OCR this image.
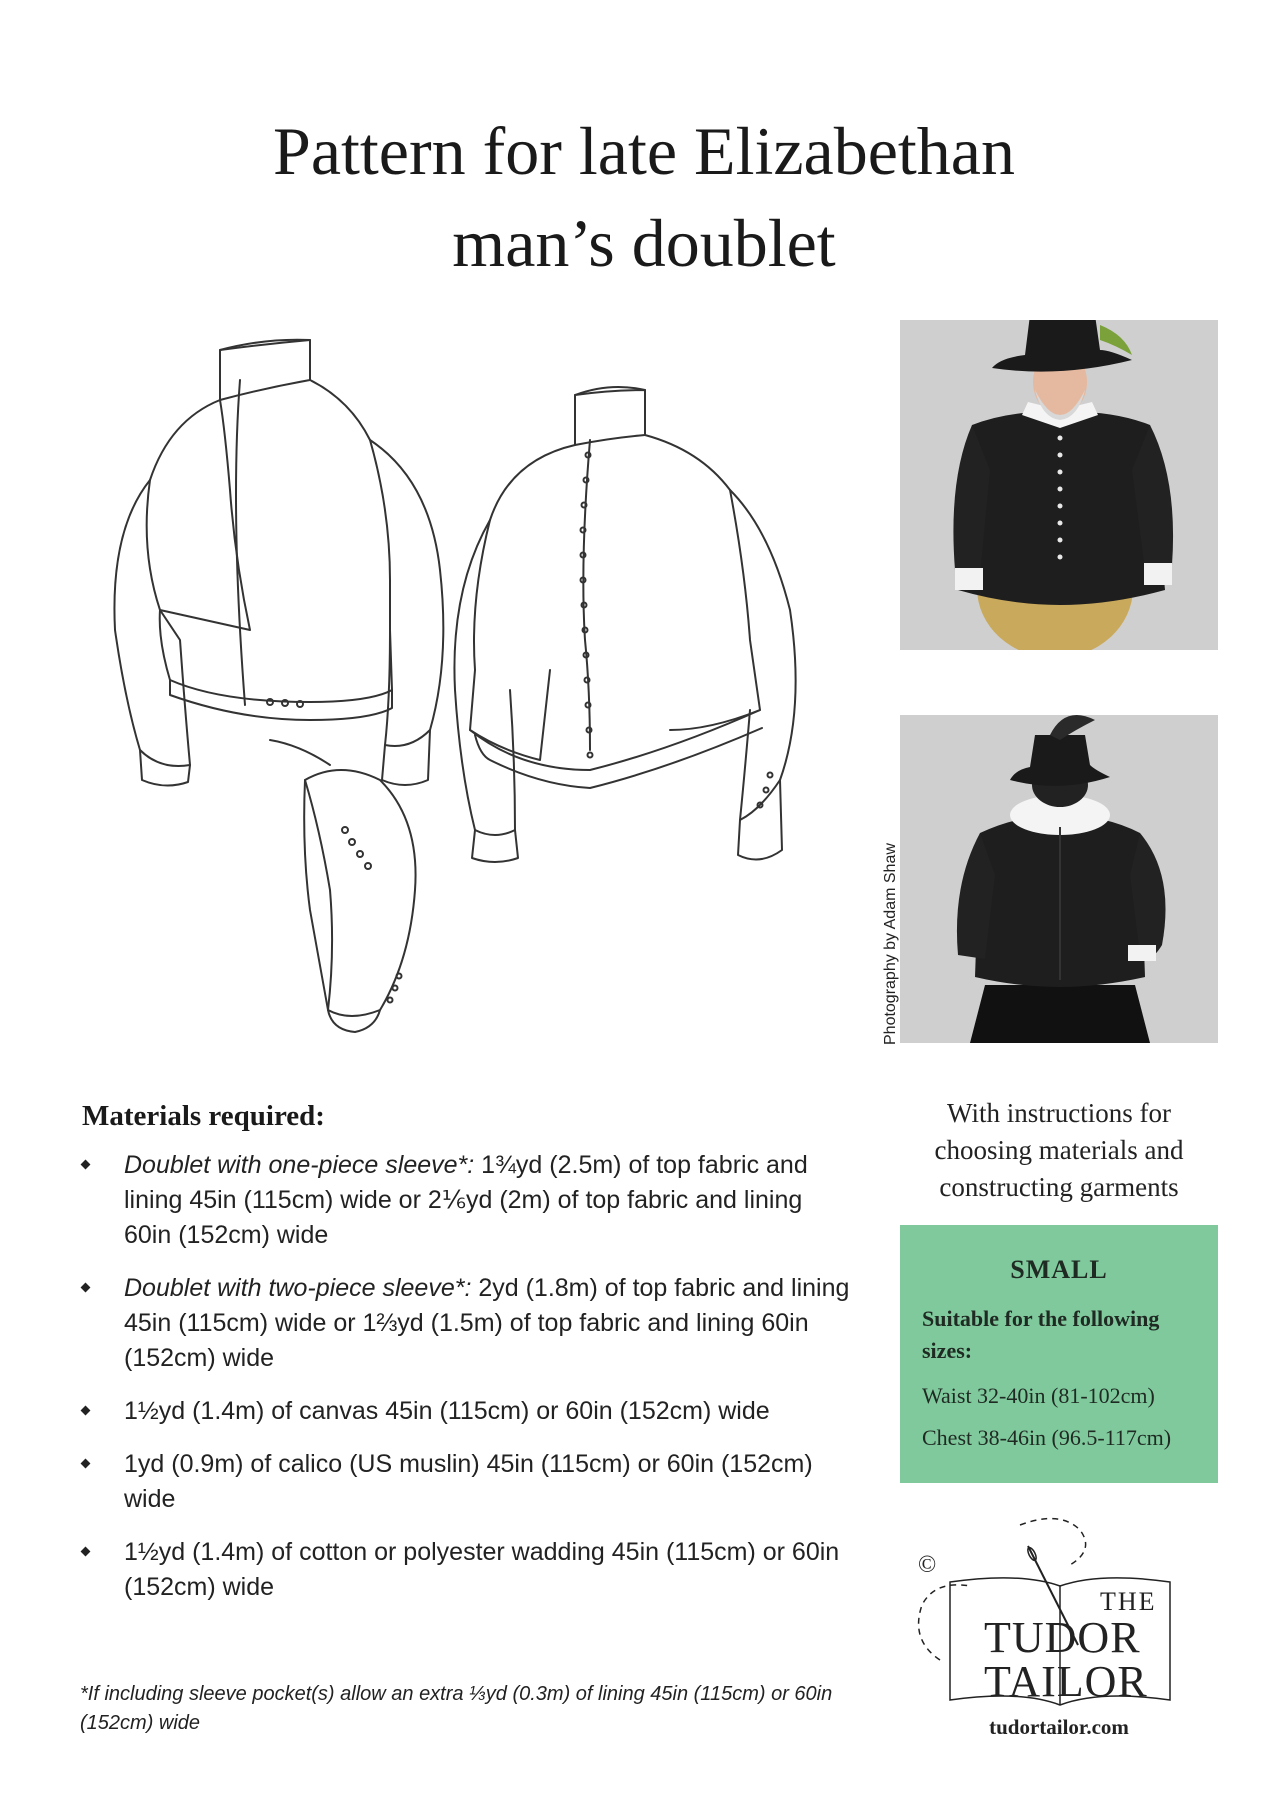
Pattern for late Elizabethan
man’s doublet
Photography by Adam Shaw
With instructions for choosing materials and constructing garments
SMALL
Suitable for the following sizes:
Waist 32-40in (81-102cm)
Chest 38-46in (96.5-117cm)
©
THE
TUDOR
TAILOR
tudortailor.com
Materials required:
Doublet with one-piece sleeve*: 1¾yd (2.5m) of top fabric and lining 45in (115cm) wide or 2⅙yd (2m) of top fabric and lining 60in (152cm) wide
Doublet with two-piece sleeve*: 2yd (1.8m) of top fabric and lining 45in (115cm) wide or 1⅔yd (1.5m) of top fabric and lining 60in (152cm) wide
1½yd (1.4m) of canvas 45in (115cm) or 60in (152cm) wide
1yd (0.9m) of calico (US muslin) 45in (115cm) or 60in (152cm) wide
1½yd (1.4m) of cotton or polyester wadding 45in (115cm) or 60in (152cm) wide
*If including sleeve pocket(s) allow an extra ⅓yd (0.3m) of lining 45in (115cm) or 60in (152cm) wide
